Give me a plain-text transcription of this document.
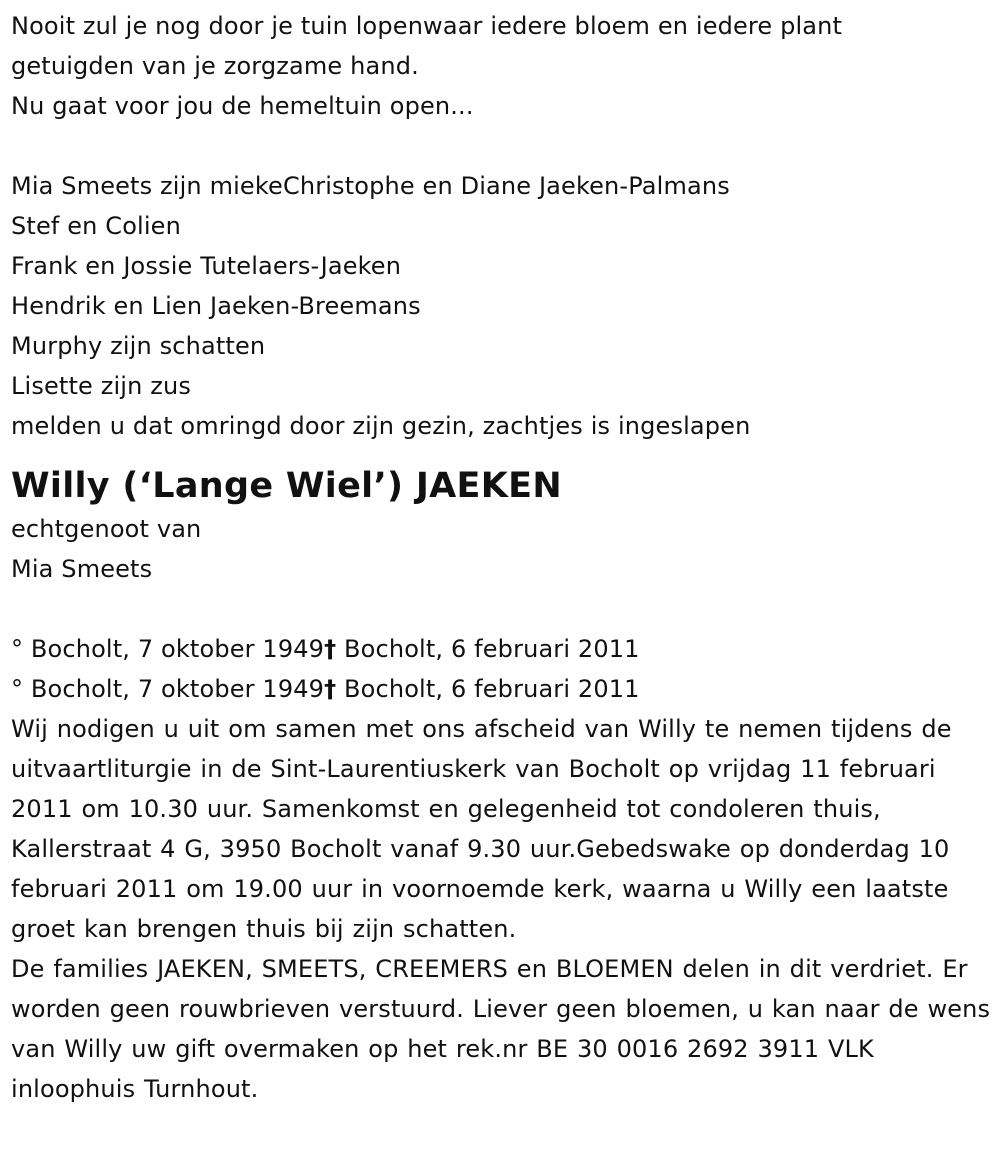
Nooit zul je nog door je tuin lopenwaar iedere bloem en iedere plant
getuigden van je zorgzame hand.
Nu gaat voor jou de hemeltuin open...
Mia Smeets zijn miekeChristophe en Diane Jaeken-Palmans
Stef en Colien
Frank en Jossie Tutelaers-Jaeken
Hendrik en Lien Jaeken-Breemans
Murphy zijn schatten
Lisette zijn zus
melden u dat omringd door zijn gezin, zachtjes is ingeslapen
Willy (‘Lange Wiel’) JAEKEN
echtgenoot van
Mia Smeets
° Bocholt, 7 oktober 1949† Bocholt, 6 februari 2011
° Bocholt, 7 oktober 1949† Bocholt, 6 februari 2011
Wij nodigen u uit om samen met ons afscheid van Willy te nemen tijdens de uitvaartliturgie in de Sint-Laurentiuskerk van Bocholt op vrijdag 11 februari 2011 om 10.30 uur. Samenkomst en gelegenheid tot condoleren thuis, Kallerstraat 4 G, 3950 Bocholt vanaf 9.30 uur.Gebedswake op donderdag 10 februari 2011 om 19.00 uur in voornoemde kerk, waarna u Willy een laatste groet kan brengen thuis bij zijn schatten.
De families JAEKEN, SMEETS, CREEMERS en BLOEMEN delen in dit verdriet. Er worden geen rouwbrieven verstuurd. Liever geen bloemen, u kan naar de wens van Willy uw gift overmaken op het rek.nr BE 30 0016 2692 3911 VLK inloophuis Turnhout.
